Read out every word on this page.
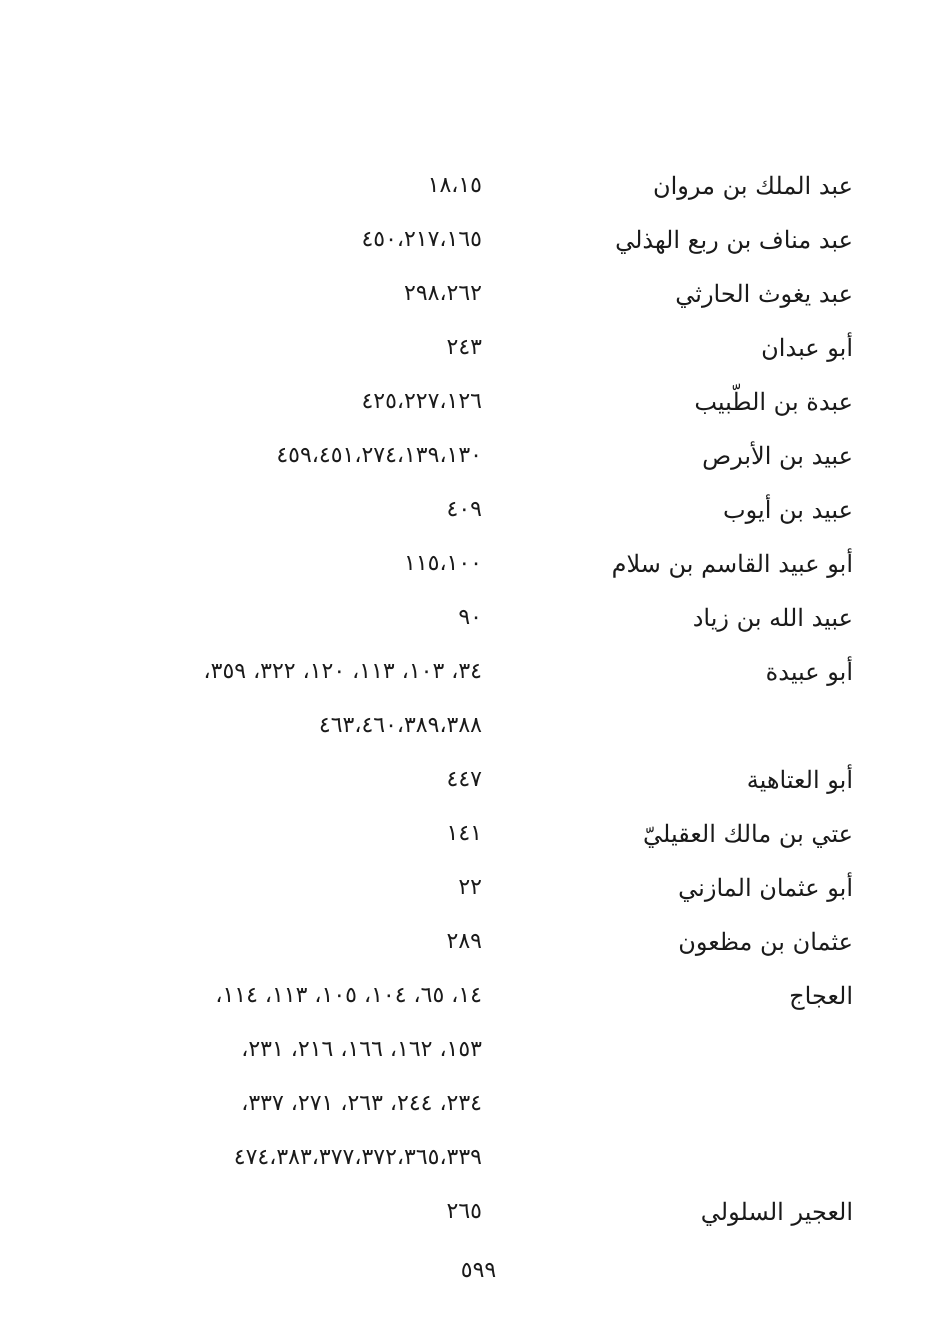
عبد الملك بن مروان
١٨،١٥
عبد مناف بن ربع الهذلي
٤٥٠،٢١٧،١٦٥
عبد يغوث الحارثي
٢٩٨،٢٦٢
أبو عبدان
٢٤٣
عبدة بن الطّبيب
٤٢٥،٢٢٧،١٢٦
عبيد بن الأبرص
٤٥٩،٤٥١،٢٧٤،١٣٩،١٣٠
عبيد بن أيوب
٤٠٩
أبو عبيد القاسم بن سلام
١١٥،١٠٠
عبيد الله بن زياد
٩٠
أبو عبيدة
٣٤، ١٠٣، ١١٣، ١٢٠، ٣٢٢، ٣٥٩،
٤٦٣،٤٦٠،٣٨٩،٣٨٨
أبو العتاهية
٤٤٧
عتي بن مالك العقيليّ
١٤١
أبو عثمان المازني
٢٢
عثمان بن مظعون
٢٨٩
العجاج
١٤، ٦٥، ١٠٤، ١٠٥، ١١٣، ١١٤،
١٥٣، ١٦٢، ١٦٦، ٢١٦، ٢٣١،
٢٣٤، ٢٤٤، ٢٦٣، ٢٧١، ٣٣٧،
٤٧٤،٣٨٣،٣٧٧،٣٧٢،٣٦٥،٣٣٩
العجير السلولي
٢٦٥
٥٩٩
